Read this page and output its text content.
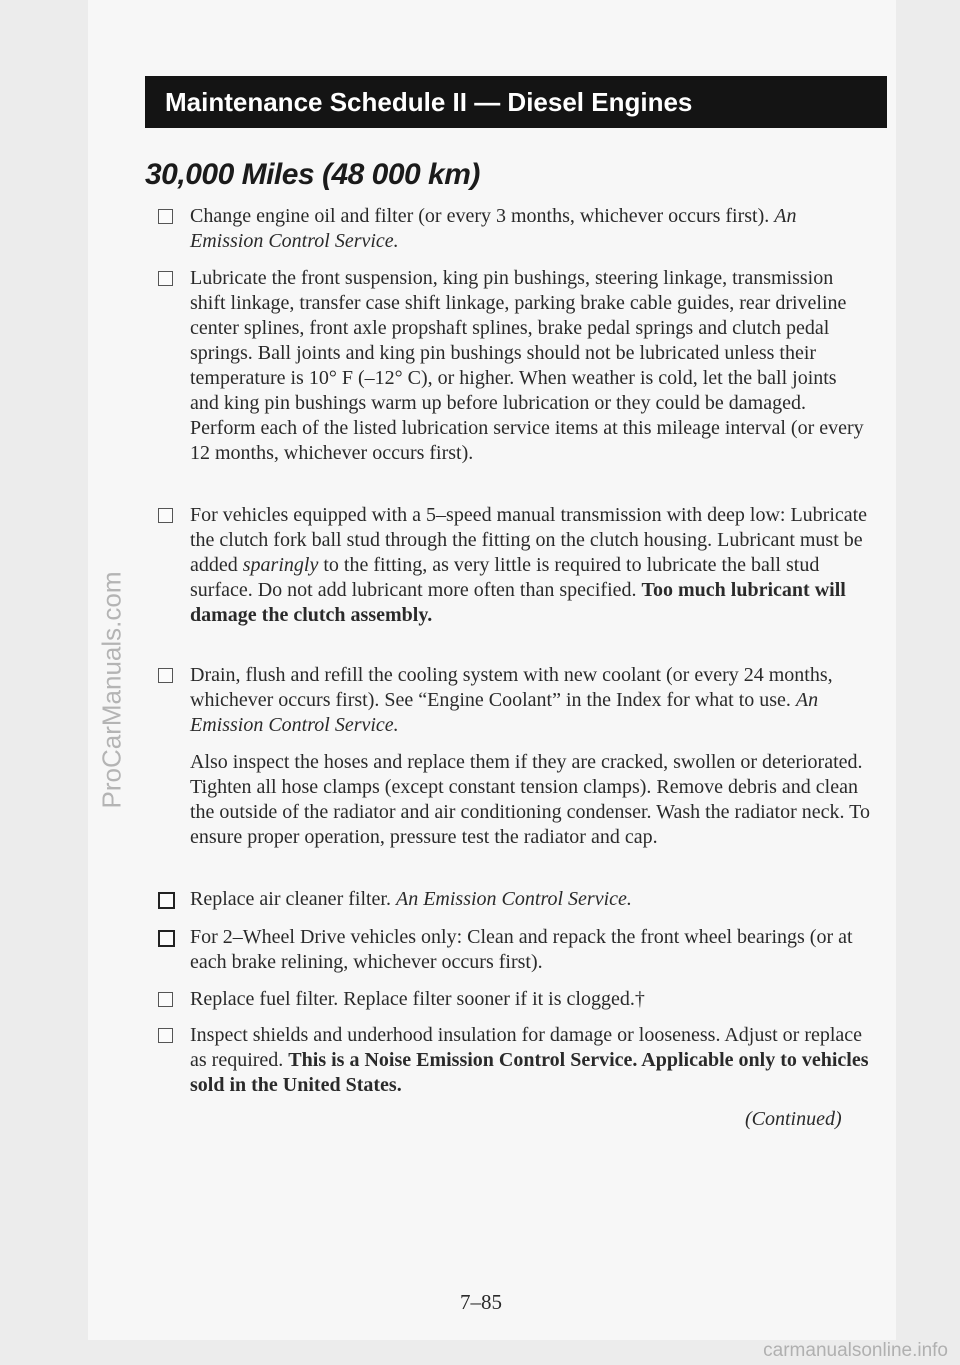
Maintenance Schedule II — Diesel Engines
30,000 Miles (48 000 km)
Change engine oil and filter (or every 3 months, whichever occurs first). An Emission Control Service.
Lubricate the front suspension, king pin bushings, steering linkage, transmission shift linkage, transfer case shift linkage, parking brake cable guides, rear driveline center splines, front axle propshaft splines, brake pedal springs and clutch pedal springs. Ball joints and king pin bushings should not be lubricated unless their temperature is 10° F (–12° C), or higher. When weather is cold, let the ball joints and king pin bushings warm up before lubrication or they could be damaged. Perform each of the listed lubrication service items at this mileage interval (or every 12 months, whichever occurs first).
For vehicles equipped with a 5–speed manual transmission with deep low: Lubricate the clutch fork ball stud through the fitting on the clutch housing. Lubricant must be added sparingly to the fitting, as very little is required to lubricate the ball stud surface. Do not add lubricant more often than specified. Too much lubricant will damage the clutch assembly.
Drain, flush and refill the cooling system with new coolant (or every 24 months, whichever occurs first). See “Engine Coolant” in the Index for what to use. An Emission Control Service.
Also inspect the hoses and replace them if they are cracked, swollen or deteriorated. Tighten all hose clamps (except constant tension clamps). Remove debris and clean the outside of the radiator and air conditioning condenser. Wash the radiator neck. To ensure proper operation, pressure test the radiator and cap.
Replace air cleaner filter. An Emission Control Service.
For 2–Wheel Drive vehicles only: Clean and repack the front wheel bearings (or at each brake relining, whichever occurs first).
Replace fuel filter. Replace filter sooner if it is clogged.†
Inspect shields and underhood insulation for damage or looseness. Adjust or replace as required. This is a Noise Emission Control Service. Applicable only to vehicles sold in the United States.
(Continued)
7–85
ProCarManuals.com
carmanualsonline.info
